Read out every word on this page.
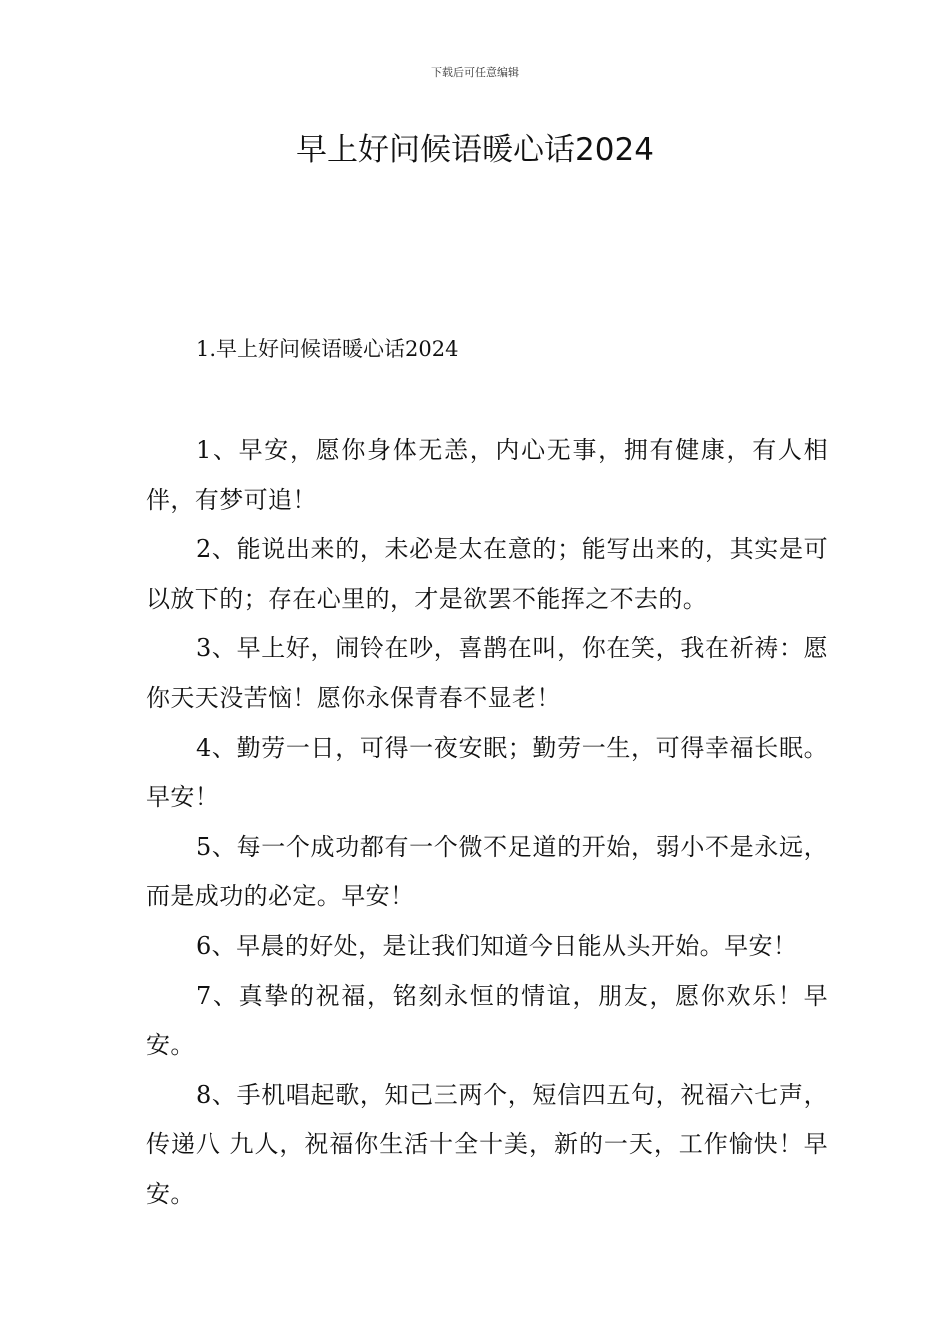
下载后可任意编辑
早上好问候语暖心话2024
1.早上好问候语暖心话2024

1、早安，愿你身体无恙，内心无事，拥有健康，有人相伴，有梦可追！

2、能说出来的，未必是太在意的；能写出来的，其实是可以放下的；存在心里的，才是欲罢不能挥之不去的。

3、早上好，闹铃在吵，喜鹊在叫，你在笑，我在祈祷：愿你天天没苦恼！愿你永保青春不显老！

4、勤劳一日，可得一夜安眠；勤劳一生，可得幸福长眠。早安！

5、每一个成功都有一个微不足道的开始，弱小不是永远，而是成功的必定。早安！

6、早晨的好处，是让我们知道今日能从头开始。早安！

7、真挚的祝福，铭刻永恒的情谊，朋友，愿你欢乐！早安。

8、手机唱起歌，知己三两个，短信四五句，祝福六七声，传递八 九人，祝福你生活十全十美，新的一天，工作愉快！早安。
